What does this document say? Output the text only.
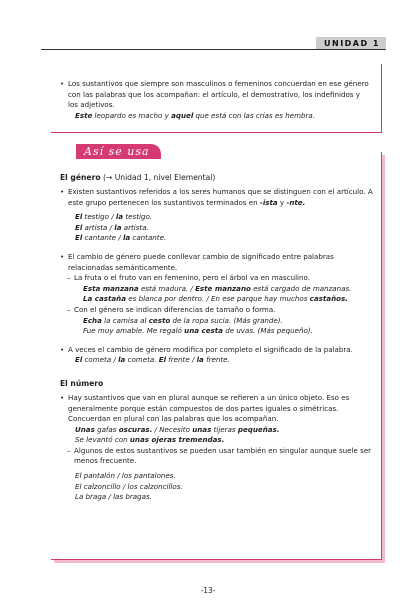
UNIDAD 1
• Los sustantivos que siempre son masculinos o femeninos concuerdan en ese género con las palabras que los acompañan: el artículo, el demostrativo, los indefinidos y los adjetivos.
Este leopardo es macho y aquel que está con las crías es hembra.
Así se usa
El género (→ Unidad 1, nivel Elemental)
• Existen sustantivos referidos a los seres humanos que se distinguen con el artículo. A este grupo pertenecen los sustantivos terminados en -ista y -nte.
El testigo / la testigo.
El artista / la artista.
El cantante / la cantante.
• El cambio de género puede conllevar cambio de significado entre palabras relacionadas semánticamente.
– La fruta o el fruto van en femenino, pero el árbol va en masculino.
Esta manzana está madura. / Este manzano está cargado de manzanas.
La castaña es blanca por dentro. / En ese parque hay muchos castaños.
– Con el género se indican diferencias de tamaño o forma.
Echa la camisa al cesto de la ropa sucia. (Más grande).
Fue muy amable. Me regaló una cesta de uvas. (Más pequeño).
• A veces el cambio de género modifica por completo el significado de la palabra.
El cometa / la cometa. El frente / la frente.
El número
• Hay sustantivos que van en plural aunque se refieren a un único objeto. Eso es generalmente porque están compuestos de dos partes iguales o simétricas. Concuerdan en plural con las palabras que los acompañan.
Unas gafas oscuras. / Necesito unas tijeras pequeñas.
Se levantó con unas ojeras tremendas.
– Algunos de estos sustantivos se pueden usar también en singular aunque suele ser menos frecuente.
El pantalón / los pantalones.
El calzoncillo / los calzoncillos.
La braga / las bragas.
-13-
